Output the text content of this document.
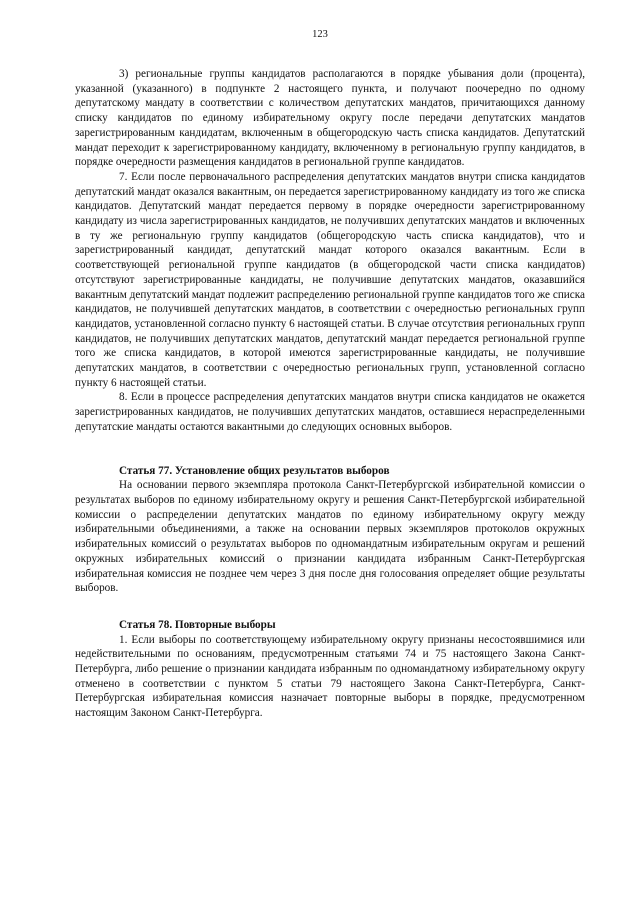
123

3) региональные группы кандидатов располагаются в порядке убывания доли (процента), указанной (указанного) в подпункте 2 настоящего пункта, и получают поочередно по одному депутатскому мандату в соответствии с количеством депутатских мандатов, причитающихся данному списку кандидатов по единому избирательному округу после передачи депутатских мандатов зарегистрированным кандидатам, включенным в общегородскую часть списка кандидатов. Депутатский мандат переходит к зарегистрированному кандидату, включенному в региональную группу кандидатов, в порядке очередности размещения кандидатов в региональной группе кандидатов.

7. Если после первоначального распределения депутатских мандатов внутри списка кандидатов депутатский мандат оказался вакантным, он передается зарегистрированному кандидату из того же списка кандидатов. Депутатский мандат передается первому в порядке очередности зарегистрированному кандидату из числа зарегистрированных кандидатов, не получивших депутатских мандатов и включенных в ту же региональную группу кандидатов (общегородскую часть списка кандидатов), что и зарегистрированный кандидат, депутатский мандат которого оказался вакантным. Если в соответствующей региональной группе кандидатов (в общегородской части списка кандидатов) отсутствуют зарегистрированные кандидаты, не получившие депутатских мандатов, оказавшийся вакантным депутатский мандат подлежит распределению региональной группе кандидатов того же списка кандидатов, не получившей депутатских мандатов, в соответствии с очередностью региональных групп кандидатов, установленной согласно пункту 6 настоящей статьи. В случае отсутствия региональных групп кандидатов, не получивших депутатских мандатов, депутатский мандат передается региональной группе того же списка кандидатов, в которой имеются зарегистрированные кандидаты, не получившие депутатских мандатов, в соответствии с очередностью региональных групп, установленной согласно пункту 6 настоящей статьи.

8. Если в процессе распределения депутатских мандатов внутри списка кандидатов не окажется зарегистрированных кандидатов, не получивших депутатских мандатов, оставшиеся нераспределенными депутатские мандаты остаются вакантными до следующих основных выборов.

Статья 77. Установление общих результатов выборов

На основании первого экземпляра протокола Санкт-Петербургской избирательной комиссии о результатах выборов по единому избирательному округу и решения Санкт-Петербургской избирательной комиссии о распределении депутатских мандатов по единому избирательному округу между избирательными объединениями, а также на основании первых экземпляров протоколов окружных избирательных комиссий о результатах выборов по одномандатным избирательным округам и решений окружных избирательных комиссий о признании кандидата избранным Санкт-Петербургская избирательная комиссия не позднее чем через 3 дня после дня голосования определяет общие результаты выборов.

Статья 78. Повторные выборы

1. Если выборы по соответствующему избирательному округу признаны несостоявшимися или недействительными по основаниям, предусмотренным статьями 74 и 75 настоящего Закона Санкт-Петербурга, либо решение о признании кандидата избранным по одномандатному избирательному округу отменено в соответствии с пунктом 5 статьи 79 настоящего Закона Санкт-Петербурга, Санкт-Петербургская избирательная комиссия назначает повторные выборы в порядке, предусмотренном настоящим Законом Санкт-Петербурга.
